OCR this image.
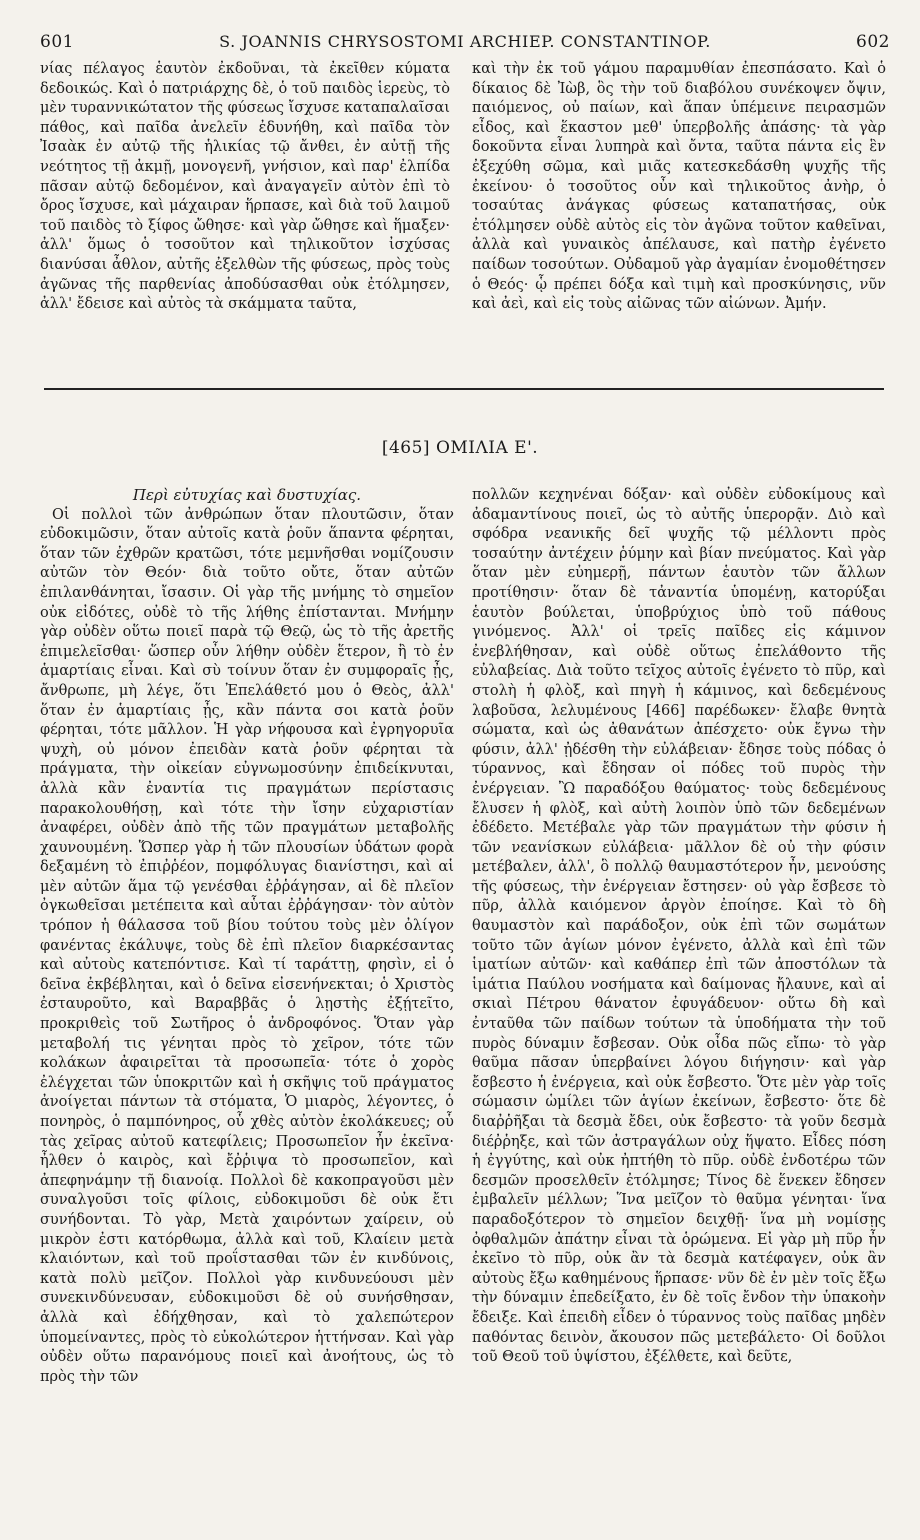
601	S. JOANNIS CHRYSOSTOMI ARCHIEP. CONSTANTINOP.	602

νίας πέλαγος ἑαυτὸν ἐκδοῦναι, τὰ ἐκεῖθεν κύματα δεδοικώς. Καὶ ὁ πατριάρχης δὲ, ὁ τοῦ παιδὸς ἱερεὺς, τὸ μὲν τυραννικώτατον τῆς φύσεως ἴσχυσε καταπαλαῖσαι πάθος, καὶ παῖδα ἀνελεῖν ἐδυνήθη, καὶ παῖδα τὸν Ἰσαὰκ ἐν αὐτῷ τῆς ἡλικίας τῷ ἄνθει, ἐν αὐτῇ τῆς νεότητος τῇ ἀκμῇ, μονογενῆ, γνήσιον, καὶ παρ' ἐλπίδα πᾶσαν αὐτῷ δεδομένον, καὶ ἀναγαγεῖν αὐτὸν ἐπὶ τὸ ὄρος ἴσχυσε, καὶ μάχαιραν ἥρπασε, καὶ διὰ τοῦ λαιμοῦ τοῦ παιδὸς τὸ ξίφος ὤθησε· καὶ γὰρ ὤθησε καὶ ἥμαξεν· ἀλλ' ὅμως ὁ τοσοῦτον καὶ τηλικοῦτον ἰσχύσας διανύσαι ἆθλον, αὐτῆς ἐξελθὼν τῆς φύσεως, πρὸς τοὺς ἀγῶνας τῆς παρθενίας ἀποδύσασθαι οὐκ ἐτόλμησεν, ἀλλ' ἔδεισε καὶ αὐτὸς τὰ σκάμματα ταῦτα,

καὶ τὴν ἐκ τοῦ γάμου παραμυθίαν ἐπεσπάσατο. Καὶ ὁ δίκαιος δὲ Ἰὼβ, ὃς τὴν τοῦ διαβόλου συνέκοψεν ὄψιν, παιόμενος, οὐ παίων, καὶ ἅπαν ὑπέμεινε πειρασμῶν εἶδος, καὶ ἕκαστον μεθ' ὑπερβολῆς ἁπάσης· τὰ γὰρ δοκοῦντα εἶναι λυπηρὰ καὶ ὄντα, ταῦτα πάντα εἰς ἓν ἐξεχύθη σῶμα, καὶ μιᾶς κατεσκεδάσθη ψυχῆς τῆς ἐκείνου· ὁ τοσοῦτος οὖν καὶ τηλικοῦτος ἀνὴρ, ὁ τοσαύτας ἀνάγκας φύσεως καταπατήσας, οὐκ ἐτόλμησεν οὐδὲ αὐτὸς εἰς τὸν ἀγῶνα τοῦτον καθεῖναι, ἀλλὰ καὶ γυναικὸς ἀπέλαυσε, καὶ πατὴρ ἐγένετο παίδων τοσούτων. Οὐδαμοῦ γὰρ ἀγαμίαν ἐνομοθέτησεν ὁ Θεός· ᾧ πρέπει δόξα καὶ τιμὴ καὶ προσκύνησις, νῦν καὶ ἀεὶ, καὶ εἰς τοὺς αἰῶνας τῶν αἰώνων. Ἀμήν.

[465] ΟΜΙΛΙΑ Ε'.

Περὶ εὐτυχίας καὶ δυστυχίας.

Οἱ πολλοὶ τῶν ἀνθρώπων ὅταν πλουτῶσιν, ὅταν εὐδοκιμῶσιν, ὅταν αὐτοῖς κατὰ ῥοῦν ἅπαντα φέρηται, ὅταν τῶν ἐχθρῶν κρατῶσι, τότε μεμνῆσθαι νομίζουσιν αὐτῶν τὸν Θεόν· διὰ τοῦτο οὔτε, ὅταν αὐτῶν ἐπιλανθάνηται, ἴσασιν. Οἱ γὰρ τῆς μνήμης τὸ σημεῖον οὐκ εἰδότες, οὐδὲ τὸ τῆς λήθης ἐπίστανται. Μνήμην γὰρ οὐδὲν οὕτω ποιεῖ παρὰ τῷ Θεῷ, ὡς τὸ τῆς ἀρετῆς ἐπιμελεῖσθαι· ὥσπερ οὖν λήθην οὐδὲν ἕτερον, ἢ τὸ ἐν ἁμαρτίαις εἶναι. Καὶ σὺ τοίνυν ὅταν ἐν συμφοραῖς ᾖς, ἄνθρωπε, μὴ λέγε, ὅτι Ἐπελάθετό μου ὁ Θεὸς, ἀλλ' ὅταν ἐν ἁμαρτίαις ᾖς, κἂν πάντα σοι κατὰ ῥοῦν φέρηται, τότε μᾶλλον. Ἡ γὰρ νήφουσα καὶ ἐγρηγορυῖα ψυχὴ, οὐ μόνον ἐπειδὰν κατὰ ῥοῦν φέρηται τὰ πράγματα, τὴν οἰκείαν εὐγνωμοσύνην ἐπιδείκνυται, ἀλλὰ κἂν ἐναντία τις πραγμάτων περίστασις παρακολουθήσῃ, καὶ τότε τὴν ἴσην εὐχαριστίαν ἀναφέρει, οὐδὲν ἀπὸ τῆς τῶν πραγμάτων μεταβολῆς χαυνουμένη. Ὥσπερ γὰρ ἡ τῶν πλουσίων ὑδάτων φορὰ δεξαμένη τὸ ἐπιῤῥέον, πομφόλυγας διανίστησι, καὶ αἱ μὲν αὐτῶν ἅμα τῷ γενέσθαι ἐῤῥάγησαν, αἱ δὲ πλεῖον ὀγκωθεῖσαι μετέπειτα καὶ αὗται ἐῤῥάγησαν· τὸν αὐτὸν τρόπον ἡ θάλασσα τοῦ βίου τούτου τοὺς μὲν ὀλίγον φανέντας ἐκάλυψε, τοὺς δὲ ἐπὶ πλεῖον διαρκέσαντας καὶ αὐτοὺς κατεπόντισε. Καὶ τί ταράττῃ, φησὶν, εἰ ὁ δεῖνα ἐκβέβληται, καὶ ὁ δεῖνα εἰσενήνεκται; ὁ Χριστὸς ἐσταυροῦτο, καὶ Βαραββᾶς ὁ λῃστὴς ἐξῄτεῖτο, προκριθεὶς τοῦ Σωτῆρος ὁ ἀνδροφόνος. Ὅταν γὰρ μεταβολή τις γένηται πρὸς τὸ χεῖρον, τότε τῶν κολάκων ἀφαιρεῖται τὰ προσωπεῖα· τότε ὁ χορὸς ἐλέγχεται τῶν ὑποκριτῶν καὶ ἡ σκῆψις τοῦ πράγματος ἀνοίγεται πάντων τὰ στόματα, Ὁ μιαρὸς, λέγοντες, ὁ πονηρὸς, ὁ παμπόνηρος, οὗ χθὲς αὐτὸν ἐκολάκευες; οὗ τὰς χεῖρας αὐτοῦ κατεφίλεις; Προσωπεῖον ἦν ἐκεῖνα· ἦλθεν ὁ καιρὸς, καὶ ἔῤῥιψα τὸ προσωπεῖον, καὶ ἀπεφηνάμην τῇ διανοίᾳ. Πολλοὶ δὲ κακοπραγοῦσι μὲν συναλγοῦσι τοῖς φίλοις, εὐδοκιμοῦσι δὲ οὐκ ἔτι συνήδονται. Τὸ γὰρ, Μετὰ χαιρόντων χαίρειν, οὐ μικρὸν ἐστι κατόρθωμα, ἀλλὰ καὶ τοῦ, Κλαίειν μετὰ κλαιόντων, καὶ τοῦ προΐστασθαι τῶν ἐν κινδύνοις, κατὰ πολὺ μεῖζον. Πολλοὶ γὰρ κινδυνεύουσι μὲν συνεκινδύνευσαν, εὐδοκιμοῦσι δὲ οὐ συνήσθησαν, ἀλλὰ καὶ ἐδήχθησαν, καὶ τὸ χαλεπώτερον ὑπομείναντες, πρὸς τὸ εὐκολώτερον ἡττήνσαν. Καὶ γὰρ οὐδὲν οὕτω παρανόμους ποιεῖ καὶ ἀνοήτους, ὡς τὸ πρὸς τὴν τῶν

πολλῶν κεχηνέναι δόξαν· καὶ οὐδὲν εὐδοκίμους καὶ ἀδαμαντίνους ποιεῖ, ὡς τὸ αὐτῆς ὑπερορᾷν. Διὸ καὶ σφόδρα νεανικῆς δεῖ ψυχῆς τῷ μέλλοντι πρὸς τοσαύτην ἀντέχειν ῥύμην καὶ βίαν πνεύματος. Καὶ γὰρ ὅταν μὲν εὐημερῇ, πάντων ἑαυτὸν τῶν ἄλλων προτίθησιν· ὅταν δὲ τἀναντία ὑπομένῃ, κατορύξαι ἑαυτὸν βούλεται, ὑποβρύχιος ὑπὸ τοῦ πάθους γινόμενος. Ἀλλ' οἱ τρεῖς παῖδες εἰς κάμινον ἐνεβλήθησαν, καὶ οὐδὲ οὕτως ἐπελάθοντο τῆς εὐλαβείας. Διὰ τοῦτο τεῖχος αὐτοῖς ἐγένετο τὸ πῦρ, καὶ στολὴ ἡ φλὸξ, καὶ πηγὴ ἡ κάμινος, καὶ δεδεμένους λαβοῦσα, λελυμένους [466] παρέδωκεν· ἔλαβε θνητὰ σώματα, καὶ ὡς ἀθανάτων ἀπέσχετο· οὐκ ἔγνω τὴν φύσιν, ἀλλ' ᾐδέσθη τὴν εὐλάβειαν· ἔδησε τοὺς πόδας ὁ τύραννος, καὶ ἔδησαν οἱ πόδες τοῦ πυρὸς τὴν ἐνέργειαν. Ὢ παραδόξου θαύματος· τοὺς δεδεμένους ἔλυσεν ἡ φλὸξ, καὶ αὐτὴ λοιπὸν ὑπὸ τῶν δεδεμένων ἐδέδετο. Μετέβαλε γὰρ τῶν πραγμάτων τὴν φύσιν ἡ τῶν νεανίσκων εὐλάβεια· μᾶλλον δὲ οὐ τὴν φύσιν μετέβαλεν, ἀλλ', ὃ πολλῷ θαυμαστότερον ἦν, μενούσης τῆς φύσεως, τὴν ἐνέργειαν ἔστησεν· οὐ γὰρ ἔσβεσε τὸ πῦρ, ἀλλὰ καιόμενον ἀργὸν ἐποίησε. Καὶ τὸ δὴ θαυμαστὸν καὶ παράδοξον, οὐκ ἐπὶ τῶν σωμάτων τοῦτο τῶν ἁγίων μόνον ἐγένετο, ἀλλὰ καὶ ἐπὶ τῶν ἱματίων αὐτῶν· καὶ καθάπερ ἐπὶ τῶν ἀποστόλων τὰ ἱμάτια Παύλου νοσήματα καὶ δαίμονας ἤλαυνε, καὶ αἱ σκιαὶ Πέτρου θάνατον ἐφυγάδευον· οὕτω δὴ καὶ ἐνταῦθα τῶν παίδων τούτων τὰ ὑποδήματα τὴν τοῦ πυρὸς δύναμιν ἔσβεσαν. Οὐκ οἶδα πῶς εἴπω· τὸ γὰρ θαῦμα πᾶσαν ὑπερβαίνει λόγου διήγησιν· καὶ γὰρ ἔσβεστο ἡ ἐνέργεια, καὶ οὐκ ἔσβεστο. Ὅτε μὲν γὰρ τοῖς σώμασιν ὡμίλει τῶν ἁγίων ἐκείνων, ἔσβεστο· ὅτε δὲ διαῤῥῆξαι τὰ δεσμὰ ἔδει, οὐκ ἔσβεστο· τὰ γοῦν δεσμὰ διέῤῥηξε, καὶ τῶν ἀστραγάλων οὐχ ἥψατο. Εἶδες πόση ἡ ἐγγύτης, καὶ οὐκ ἠπτήθη τὸ πῦρ. οὐδὲ ἐνδοτέρω τῶν δεσμῶν προσελθεῖν ἐτόλμησε; Τίνος δὲ ἕνεκεν ἔδησεν ἐμβαλεῖν μέλλων; Ἵνα μεῖζον τὸ θαῦμα γένηται· ἵνα παραδοξότερον τὸ σημεῖον δειχθῇ· ἵνα μὴ νομίσῃς ὀφθαλμῶν ἀπάτην εἶναι τὰ ὁρώμενα. Εἰ γὰρ μὴ πῦρ ἦν ἐκεῖνο τὸ πῦρ, οὐκ ἂν τὰ δεσμὰ κατέφαγεν, οὐκ ἂν αὐτοὺς ἔξω καθημένους ἥρπασε· νῦν δὲ ἐν μὲν τοῖς ἔξω τὴν δύναμιν ἐπεδείξατο, ἐν δὲ τοῖς ἔνδον τὴν ὑπακοὴν ἔδειξε. Καὶ ἐπειδὴ εἶδεν ὁ τύραννος τοὺς παῖδας μηδὲν παθόντας δεινὸν, ἄκουσον πῶς μετεβάλετο· Οἱ δοῦλοι τοῦ Θεοῦ τοῦ ὑψίστου, ἐξέλθετε, καὶ δεῦτε,
